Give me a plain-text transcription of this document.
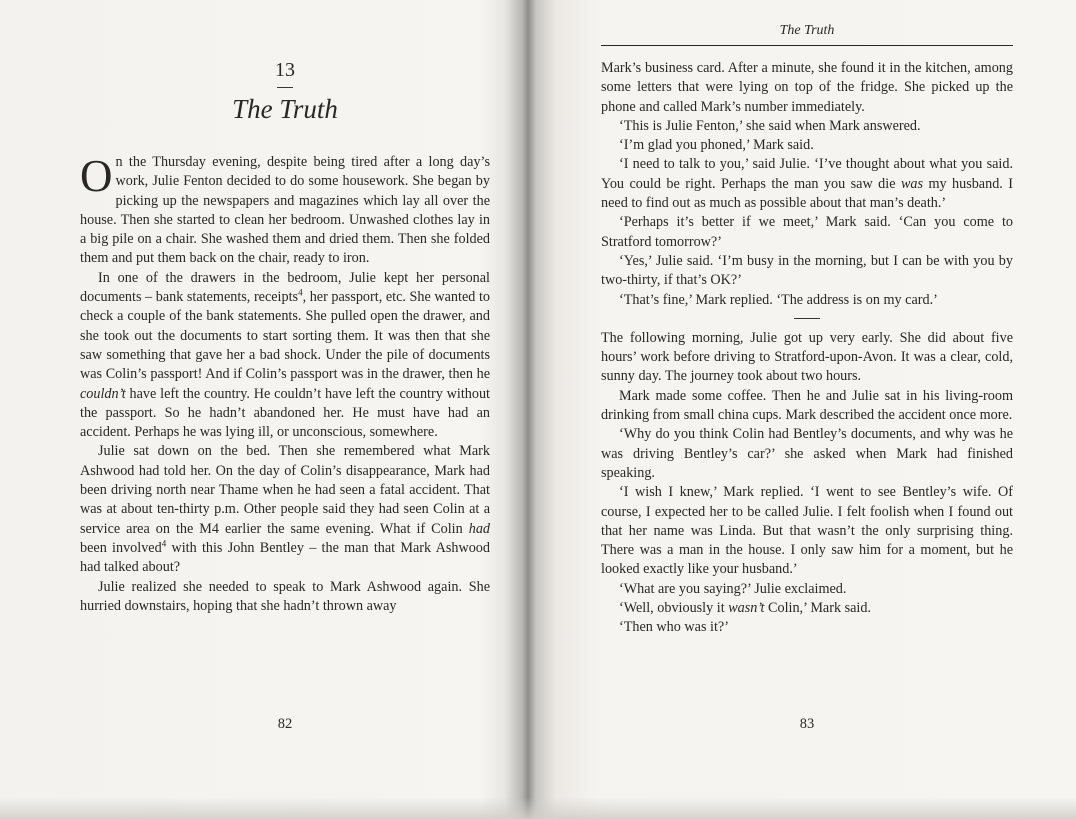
13
The Truth

On the Thursday evening, despite being tired after a long day’s work, Julie Fenton decided to do some housework. She began by picking up the newspapers and magazines which lay all over the house. Then she started to clean her bedroom. Unwashed clothes lay in a big pile on a chair. She washed them and dried them. Then she folded them and put them back on the chair, ready to iron.

In one of the drawers in the bedroom, Julie kept her personal documents – bank statements, receipts$^4$, her passport, etc. She wanted to check a couple of the bank statements. She pulled open the drawer, and she took out the documents to start sorting them. It was then that she saw something that gave her a bad shock. Under the pile of documents was Colin’s passport! And if Colin’s passport was in the drawer, then he couldn’t have left the country. He couldn’t have left the country without the passport. So he hadn’t abandoned her. He must have had an accident. Perhaps he was lying ill, or unconscious, somewhere.

Julie sat down on the bed. Then she remembered what Mark Ashwood had told her. On the day of Colin’s disappearance, Mark had been driving north near Thame when he had seen a fatal accident. That was at about ten-thirty p.m. Other people said they had seen Colin at a service area on the M4 earlier the same evening. What if Colin had been involved$^4$ with this John Bentley – the man that Mark Ashwood had talked about?

Julie realized she needed to speak to Mark Ashwood again. She hurried downstairs, hoping that she hadn’t thrown away

82
The Truth

Mark’s business card. After a minute, she found it in the kitchen, among some letters that were lying on top of the fridge. She picked up the phone and called Mark’s number immediately.

‘This is Julie Fenton,’ she said when Mark answered.

‘I’m glad you phoned,’ Mark said.

‘I need to talk to you,’ said Julie. ‘I’ve thought about what you said. You could be right. Perhaps the man you saw die was my husband. I need to find out as much as possible about that man’s death.’

‘Perhaps it’s better if we meet,’ Mark said. ‘Can you come to Stratford tomorrow?’

‘Yes,’ Julie said. ‘I’m busy in the morning, but I can be with you by two-thirty, if that’s OK?’

‘That’s fine,’ Mark replied. ‘The address is on my card.’

The following morning, Julie got up very early. She did about five hours’ work before driving to Stratford-upon-Avon. It was a clear, cold, sunny day. The journey took about two hours.

Mark made some coffee. Then he and Julie sat in his living-room drinking from small china cups. Mark described the accident once more.

‘Why do you think Colin had Bentley’s documents, and why was he was driving Bentley’s car?’ she asked when Mark had finished speaking.

‘I wish I knew,’ Mark replied. ‘I went to see Bentley’s wife. Of course, I expected her to be called Julie. I felt foolish when I found out that her name was Linda. But that wasn’t the only surprising thing. There was a man in the house. I only saw him for a moment, but he looked exactly like your husband.’

‘What are you saying?’ Julie exclaimed.

‘Well, obviously it wasn’t Colin,’ Mark said.

‘Then who was it?’

83
